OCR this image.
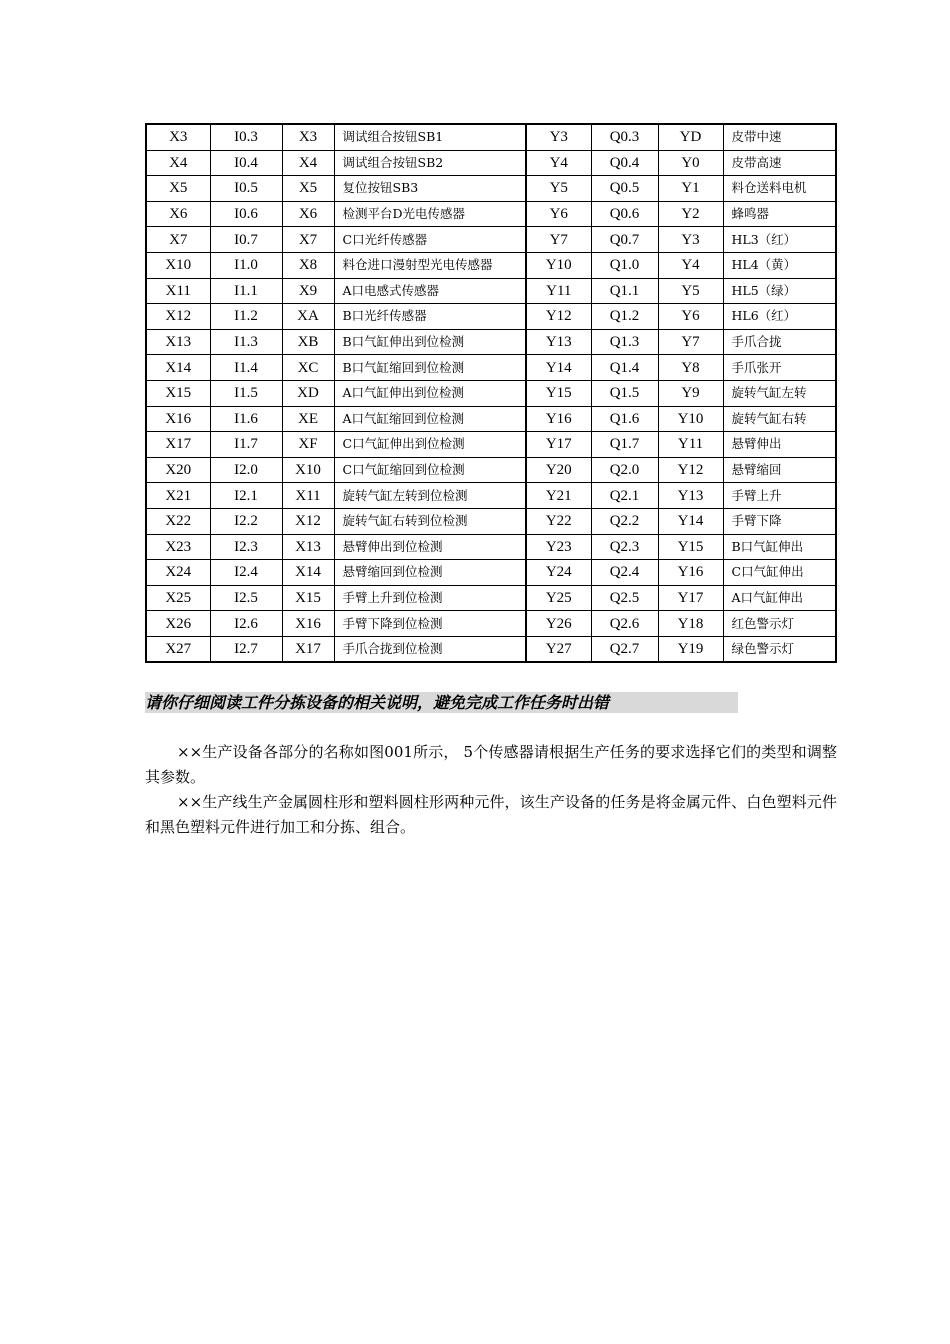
X3	I0.3	X3	调试组合按钮SB1	Y3	Q0.3	YD	皮带中速
X4	I0.4	X4	调试组合按钮SB2	Y4	Q0.4	Y0	皮带高速
X5	I0.5	X5	复位按钮SB3	Y5	Q0.5	Y1	料仓送料电机
X6	I0.6	X6	检测平台D光电传感器	Y6	Q0.6	Y2	蜂鸣器
X7	I0.7	X7	C口光纤传感器	Y7	Q0.7	Y3	HL3（红）
X10	I1.0	X8	料仓进口漫射型光电传感器	Y10	Q1.0	Y4	HL4（黄）
X11	I1.1	X9	A口电感式传感器	Y11	Q1.1	Y5	HL5（绿）
X12	I1.2	XA	B口光纤传感器	Y12	Q1.2	Y6	HL6（红）
X13	I1.3	XB	B口气缸伸出到位检测	Y13	Q1.3	Y7	手爪合拢
X14	I1.4	XC	B口气缸缩回到位检测	Y14	Q1.4	Y8	手爪张开
X15	I1.5	XD	A口气缸伸出到位检测	Y15	Q1.5	Y9	旋转气缸左转
X16	I1.6	XE	A口气缸缩回到位检测	Y16	Q1.6	Y10	旋转气缸右转
X17	I1.7	XF	C口气缸伸出到位检测	Y17	Q1.7	Y11	悬臂伸出
X20	I2.0	X10	C口气缸缩回到位检测	Y20	Q2.0	Y12	悬臂缩回
X21	I2.1	X11	旋转气缸左转到位检测	Y21	Q2.1	Y13	手臂上升
X22	I2.2	X12	旋转气缸右转到位检测	Y22	Q2.2	Y14	手臂下降
X23	I2.3	X13	悬臂伸出到位检测	Y23	Q2.3	Y15	B口气缸伸出
X24	I2.4	X14	悬臂缩回到位检测	Y24	Q2.4	Y16	C口气缸伸出
X25	I2.5	X15	手臂上升到位检测	Y25	Q2.5	Y17	A口气缸伸出
X26	I2.6	X16	手臂下降到位检测	Y26	Q2.6	Y18	红色警示灯
X27	I2.7	X17	手爪合拢到位检测	Y27	Q2.7	Y19	绿色警示灯
请你仔细阅读工件分拣设备的相关说明，避免完成工作任务时出错

××生产设备各部分的名称如图001所示， 5个传感器请根据生产任务的要求选择它们的类型和调整其参数。

××生产线生产金属圆柱形和塑料圆柱形两种元件，该生产设备的任务是将金属元件、白色塑料元件和黑色塑料元件进行加工和分拣、组合。
